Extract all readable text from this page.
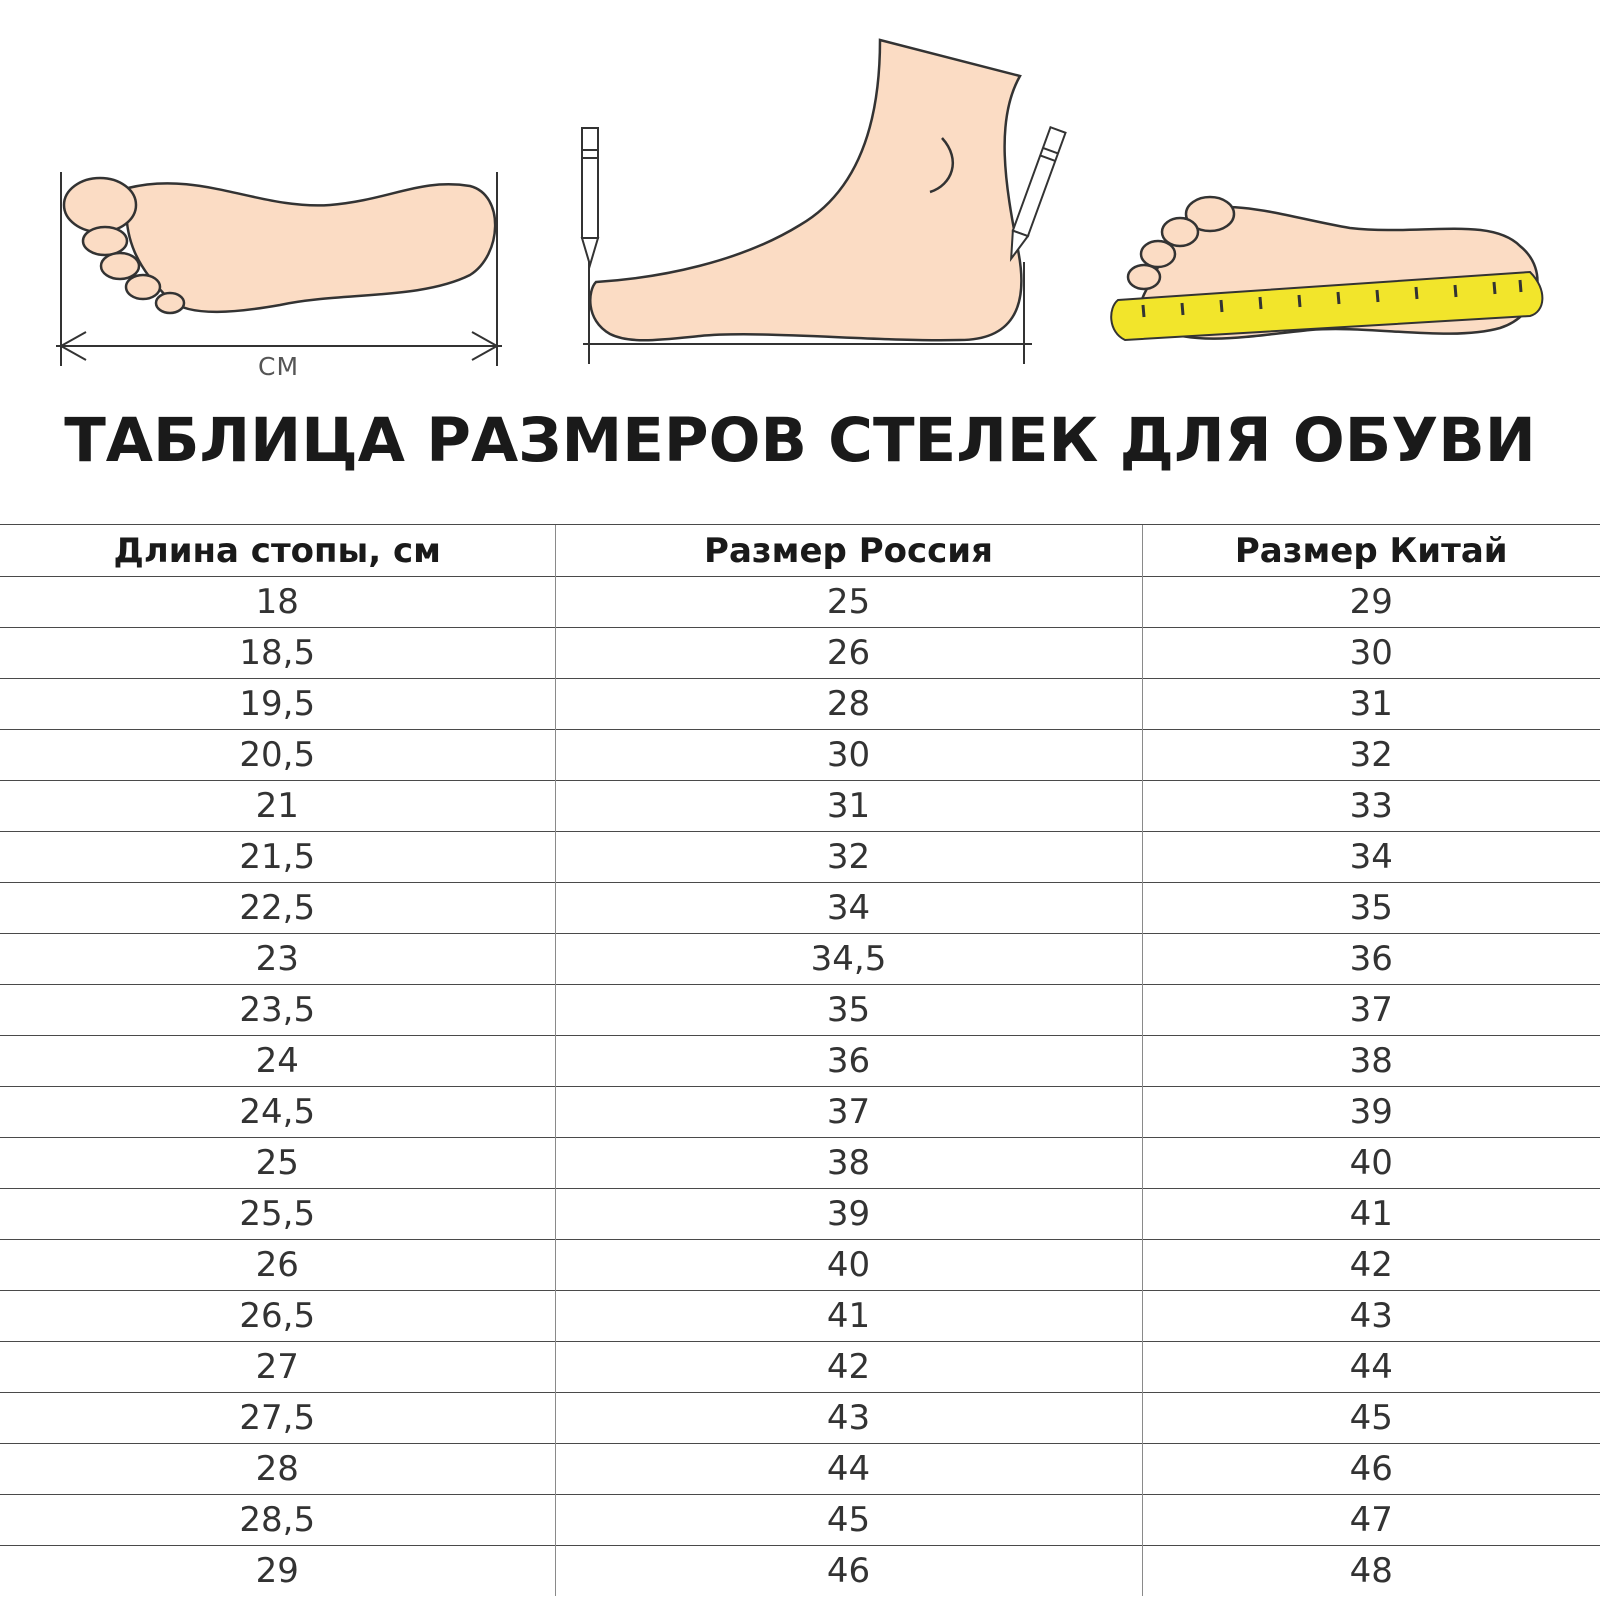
СМ
ТАБЛИЦА РАЗМЕРОВ СТЕЛЕК ДЛЯ ОБУВИ
Длина стопы, см	Размер Россия	Размер Китай
18	25	29
18,5	26	30
19,5	28	31
20,5	30	32
21	31	33
21,5	32	34
22,5	34	35
23	34,5	36
23,5	35	37
24	36	38
24,5	37	39
25	38	40
25,5	39	41
26	40	42
26,5	41	43
27	42	44
27,5	43	45
28	44	46
28,5	45	47
29	46	48
